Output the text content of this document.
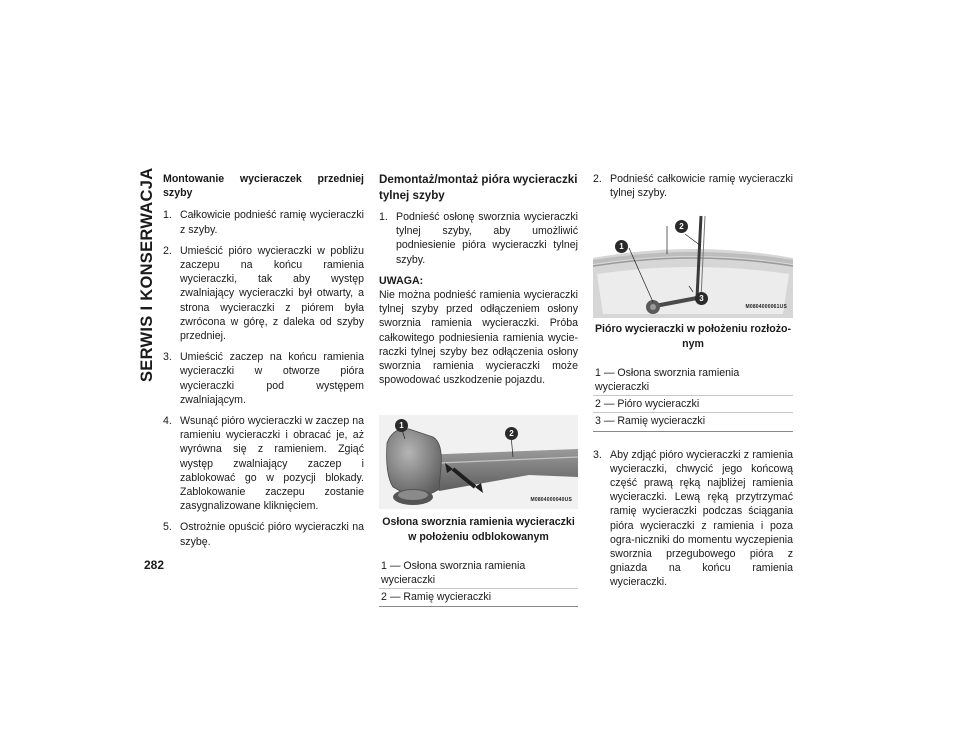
SERWIS I KONSERWACJA
282

Montowanie wycieraczek przedniej szyby

1. Całkowicie podnieść ramię wycieraczki z szyby.
2. Umieścić pióro wycieraczki w pobliżu zaczepu na końcu ramienia wycieraczki, tak aby występ zwalniający wycieraczki był otwarty, a strona wycieraczki z piórem była zwrócona w górę, z daleka od szyby przedniej.
3. Umieścić zaczep na końcu ramienia wycieraczki w otworze pióra wycieraczki pod występem zwalniającym.
4. Wsunąć pióro wycieraczki w zaczep na ramieniu wycieraczki i obracać je, aż wyrówna się z ramieniem. Zgiąć występ zwalniający zaczep i zablokować go w pozycji blokady. Zablokowanie zaczepu zostanie zasygnalizowane kliknięciem.
5. Ostrożnie opuścić pióro wycieraczki na szybę.

Demontaż/montaż pióra wycieraczki tylnej szyby

1. Podnieść osłonę sworznia wycieraczki tylnej szyby, aby umożliwić podniesienie pióra wycieraczki tylnej szyby.

UWAGA:

Nie można podnieść ramienia wycieraczki tylnej szyby przed odłączeniem osłony sworznia ramienia wycieraczki. Próba całkowitego podniesienia ramienia wycie-raczki tylnej szyby bez odłączenia osłony sworznia ramienia wycieraczki może spowodować uszkodzenie pojazdu.

1
2
M0804000040US

Osłona sworznia ramienia wycieraczki w położeniu odblokowanym

1 — Osłona sworznia ramienia wycieraczki
2 — Ramię wycieraczki
2. Podnieść całkowicie ramię wycieraczki tylnej szyby.
1
2
3
M0804000061US

Pióro wycieraczki w położeniu rozłożo-nym

1 — Osłona sworznia ramienia wycieraczki
2 — Pióro wycieraczki
3 — Ramię wycieraczki
3. Aby zdjąć pióro wycieraczki z ramienia wycieraczki, chwycić jego końcową część prawą ręką najbliżej ramienia wycieraczki. Lewą ręką przytrzymać ramię wycieraczki podczas ściągania pióra wycieraczki z ramienia i poza ogra-niczniki do momentu wyczepienia sworznia przegubowego pióra z gniazda na końcu ramienia wycieraczki.
